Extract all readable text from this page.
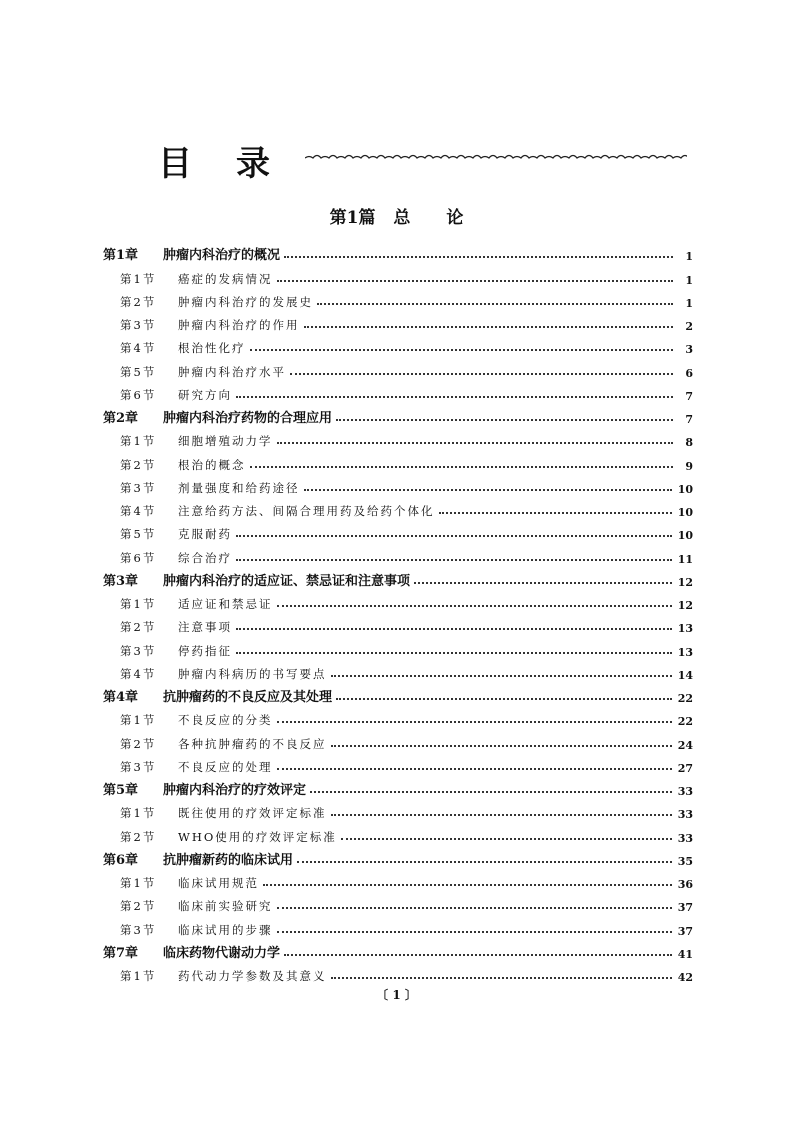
目录
第1篇 总 论
第1章	肿瘤内科治疗的概况	1
第1节	癌症的发病情况	1
第2节	肿瘤内科治疗的发展史	1
第3节	肿瘤内科治疗的作用	2
第4节	根治性化疗	3
第5节	肿瘤内科治疗水平	6
第6节	研究方向	7
第2章	肿瘤内科治疗药物的合理应用	7
第1节	细胞增殖动力学	8
第2节	根治的概念	9
第3节	剂量强度和给药途径	10
第4节	注意给药方法、间隔合理用药及给药个体化	10
第5节	克服耐药	10
第6节	综合治疗	11
第3章	肿瘤内科治疗的适应证、禁忌证和注意事项	12
第1节	适应证和禁忌证	12
第2节	注意事项	13
第3节	停药指征	13
第4节	肿瘤内科病历的书写要点	14
第4章	抗肿瘤药的不良反应及其处理	22
第1节	不良反应的分类	22
第2节	各种抗肿瘤药的不良反应	24
第3节	不良反应的处理	27
第5章	肿瘤内科治疗的疗效评定	33
第1节	既往使用的疗效评定标准	33
第2节	WHO使用的疗效评定标准	33
第6章	抗肿瘤新药的临床试用	35
第1节	临床试用规范	36
第2节	临床前实验研究	37
第3节	临床试用的步骤	37
第7章	临床药物代谢动力学	41
第1节	药代动力学参数及其意义	42
〔 1 〕
